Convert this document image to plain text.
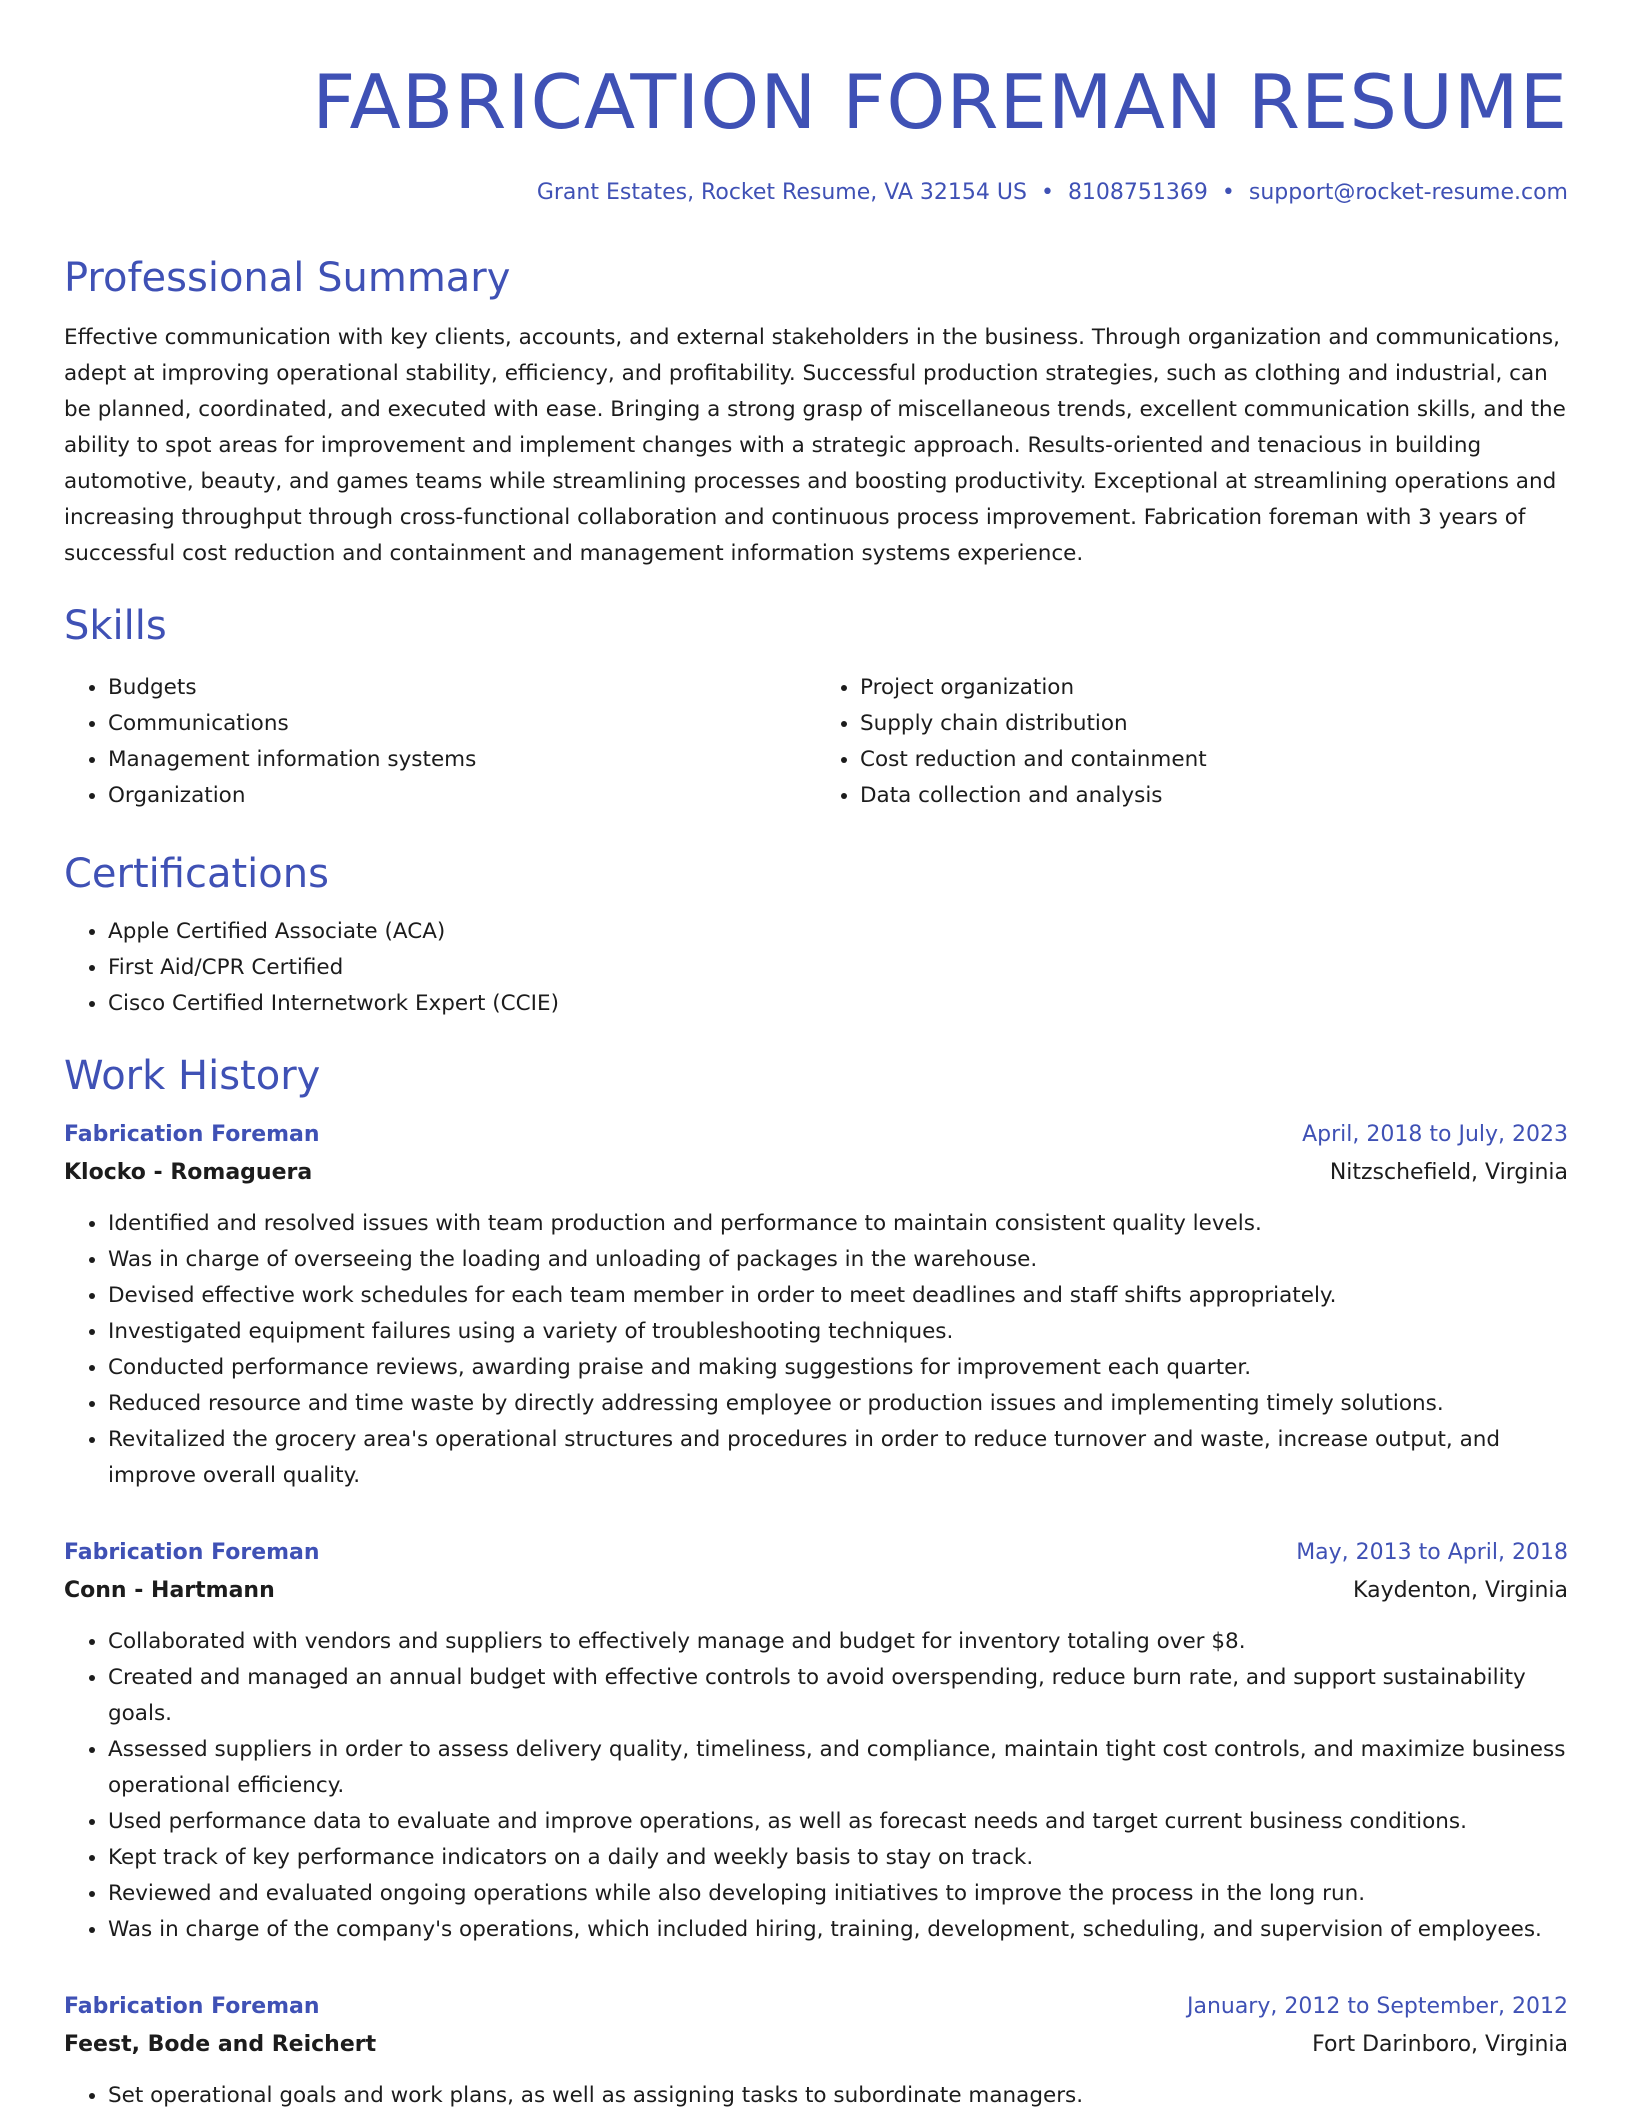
FABRICATION FOREMAN RESUME
Grant Estates, Rocket Resume, VA 32154 US • 8108751369 • support@rocket-resume.com
Professional Summary

Effective communication with key clients, accounts, and external stakeholders in the business. Through organization and communications, adept at improving operational stability, efficiency, and profitability. Successful production strategies, such as clothing and industrial, can be planned, coordinated, and executed with ease. Bringing a strong grasp of miscellaneous trends, excellent communication skills, and the ability to spot areas for improvement and implement changes with a strategic approach. Results-oriented and tenacious in building automotive, beauty, and games teams while streamlining processes and boosting productivity. Exceptional at streamlining operations and increasing throughput through cross-functional collaboration and continuous process improvement. Fabrication foreman with 3 years of successful cost reduction and containment and management information systems experience.

Skills
• Budgets
• Communications
• Management information systems
• Organization
• Project organization
• Supply chain distribution
• Cost reduction and containment
• Data collection and analysis
Certifications
• Apple Certified Associate (ACA)
• First Aid/CPR Certified
• Cisco Certified Internetwork Expert (CCIE)
Work History
Fabrication Foreman	April, 2018 to July, 2023
Klocko - Romaguera	Nitzschefield, Virginia
• Identified and resolved issues with team production and performance to maintain consistent quality levels.
• Was in charge of overseeing the loading and unloading of packages in the warehouse.
• Devised effective work schedules for each team member in order to meet deadlines and staff shifts appropriately.
• Investigated equipment failures using a variety of troubleshooting techniques.
• Conducted performance reviews, awarding praise and making suggestions for improvement each quarter.
• Reduced resource and time waste by directly addressing employee or production issues and implementing timely solutions.
• Revitalized the grocery area's operational structures and procedures in order to reduce turnover and waste, increase output, and improve overall quality.
Fabrication Foreman	May, 2013 to April, 2018
Conn - Hartmann	Kaydenton, Virginia
• Collaborated with vendors and suppliers to effectively manage and budget for inventory totaling over $8.
• Created and managed an annual budget with effective controls to avoid overspending, reduce burn rate, and support sustainability goals.
• Assessed suppliers in order to assess delivery quality, timeliness, and compliance, maintain tight cost controls, and maximize business operational efficiency.
• Used performance data to evaluate and improve operations, as well as forecast needs and target current business conditions.
• Kept track of key performance indicators on a daily and weekly basis to stay on track.
• Reviewed and evaluated ongoing operations while also developing initiatives to improve the process in the long run.
• Was in charge of the company's operations, which included hiring, training, development, scheduling, and supervision of employees.
Fabrication Foreman	January, 2012 to September, 2012
Feest, Bode and Reichert	Fort Darinboro, Virginia
• Set operational goals and work plans, as well as assigning tasks to subordinate managers.
